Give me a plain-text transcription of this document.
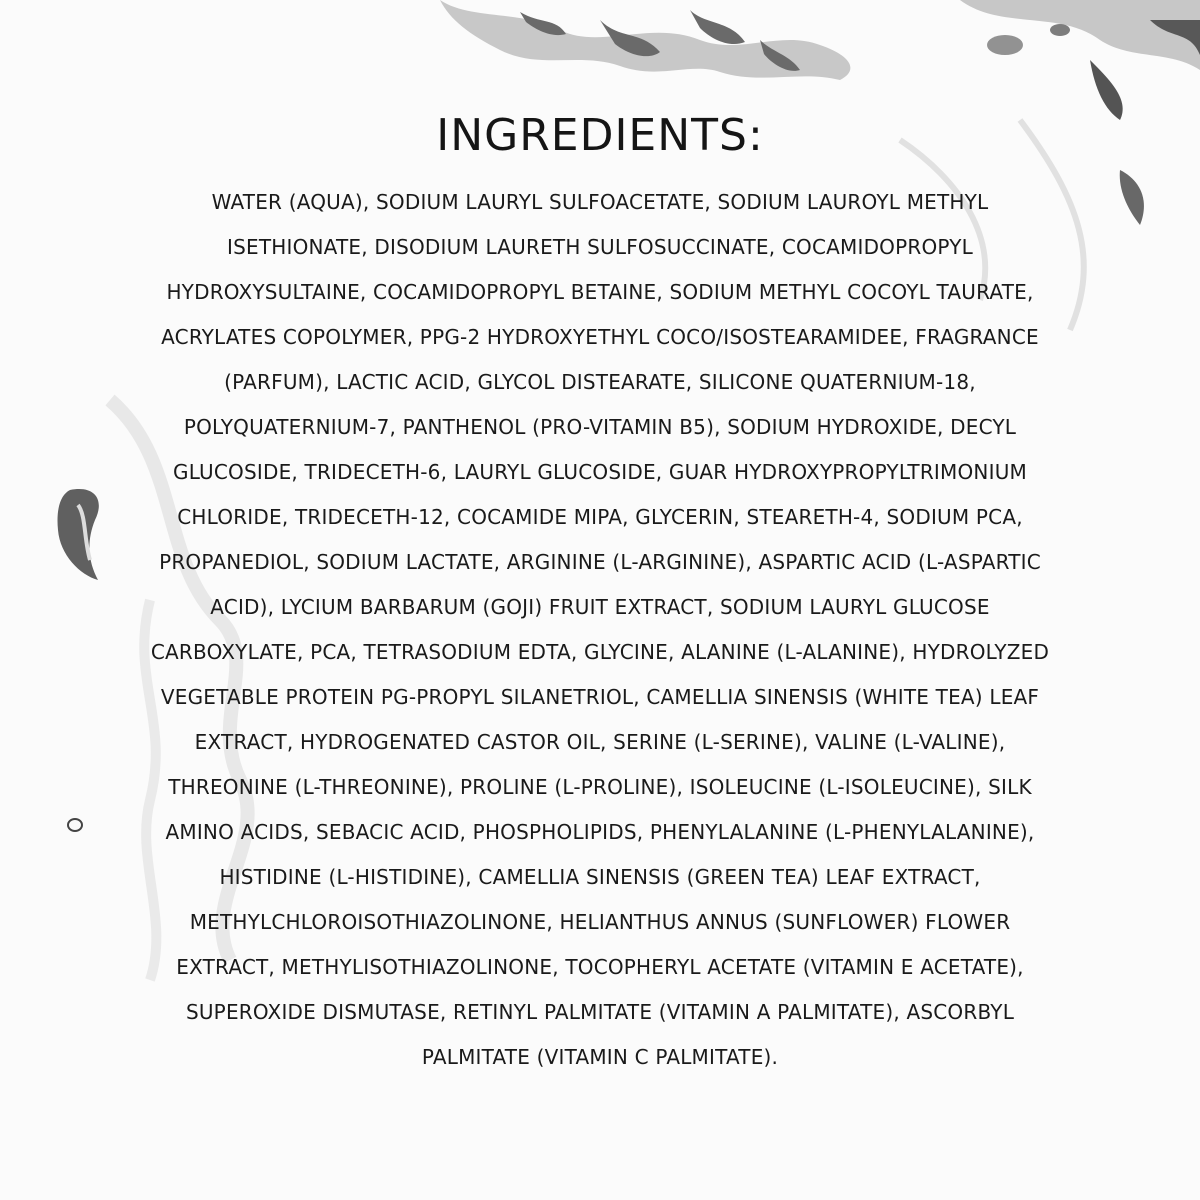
INGREDIENTS:
WATER (AQUA), SODIUM LAURYL SULFOACETATE, SODIUM LAUROYL METHYL
ISETHIONATE, DISODIUM LAURETH SULFOSUCCINATE, COCAMIDOPROPYL
HYDROXYSULTAINE, COCAMIDOPROPYL BETAINE, SODIUM METHYL COCOYL TAURATE,
ACRYLATES COPOLYMER, PPG-2 HYDROXYETHYL COCO/ISOSTEARAMIDEE, FRAGRANCE
(PARFUM), LACTIC ACID, GLYCOL DISTEARATE, SILICONE QUATERNIUM-18,
POLYQUATERNIUM-7, PANTHENOL (PRO-VITAMIN B5), SODIUM HYDROXIDE, DECYL
GLUCOSIDE, TRIDECETH-6, LAURYL GLUCOSIDE, GUAR HYDROXYPROPYLTRIMONIUM
CHLORIDE, TRIDECETH-12, COCAMIDE MIPA, GLYCERIN, STEARETH-4, SODIUM PCA,
PROPANEDIOL, SODIUM LACTATE, ARGININE (L-ARGININE), ASPARTIC ACID (L-ASPARTIC
ACID), LYCIUM BARBARUM (GOJI) FRUIT EXTRACT, SODIUM LAURYL GLUCOSE
CARBOXYLATE, PCA, TETRASODIUM EDTA, GLYCINE, ALANINE (L-ALANINE), HYDROLYZED
VEGETABLE PROTEIN PG-PROPYL SILANETRIOL, CAMELLIA SINENSIS (WHITE TEA) LEAF
EXTRACT, HYDROGENATED CASTOR OIL, SERINE (L-SERINE), VALINE (L-VALINE),
THREONINE (L-THREONINE), PROLINE (L-PROLINE), ISOLEUCINE (L-ISOLEUCINE), SILK
AMINO ACIDS, SEBACIC ACID, PHOSPHOLIPIDS, PHENYLALANINE (L-PHENYLALANINE),
HISTIDINE (L-HISTIDINE), CAMELLIA SINENSIS (GREEN TEA) LEAF EXTRACT,
METHYLCHLOROISOTHIAZOLINONE, HELIANTHUS ANNUS (SUNFLOWER) FLOWER
EXTRACT, METHYLISOTHIAZOLINONE, TOCOPHERYL ACETATE (VITAMIN E ACETATE),
SUPEROXIDE DISMUTASE, RETINYL PALMITATE (VITAMIN A PALMITATE), ASCORBYL
PALMITATE (VITAMIN C PALMITATE).
